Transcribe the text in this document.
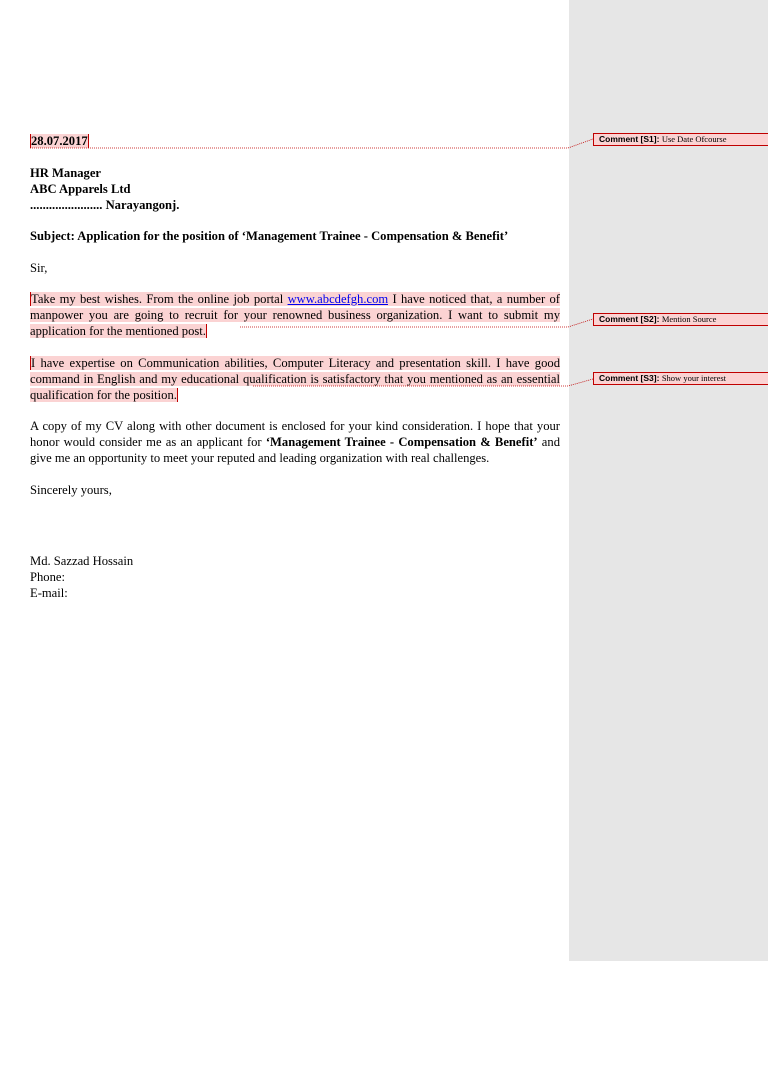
28.07.2017

HR Manager
ABC Apparels Ltd
....................... Narayangonj.

Subject: Application for the position of ‘Management Trainee - Compensation & Benefit’

Sir,

Take my best wishes. From the online job portal www.abcdefgh.com I have noticed that, a number of manpower you are going to recruit for your renowned business organization. I want to submit my application for the mentioned post.

I have expertise on Communication abilities, Computer Literacy and presentation skill. I have good command in English and my educational qualification is satisfactory that you mentioned as an essential qualification for the position.

A copy of my CV along with other document is enclosed for your kind consideration. I hope that your honor would consider me as an applicant for ‘Management Trainee - Compensation & Benefit’ and give me an opportunity to meet your reputed and leading organization with real challenges.

Sincerely yours,

Md. Sazzad Hossain
Phone:
E-mail:

Comment [S1]: Use Date Ofcourse
Comment [S2]: Mention Source
Comment [S3]: Show your interest
